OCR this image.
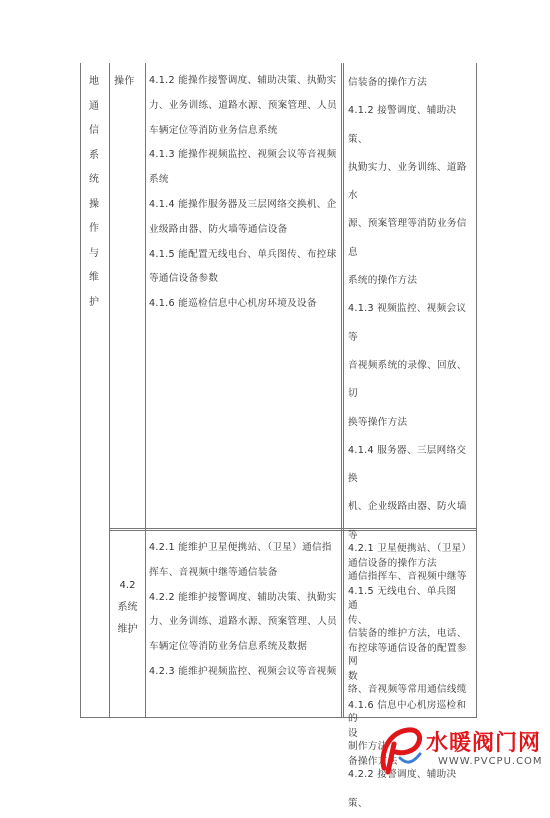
地
通
信
系
统
操
作
与
维
护
操作 4.1.2 能操作接警调度、辅助决策、执勤实
力、业务训练、道路水源、预案管理、人员
车辆定位等消防业务信息系统
4.1.3 能操作视频监控、视频会议等音视频
系统
4.1.4 能操作服务器及三层网络交换机、企
业级路由器、防火墙等通信设备
4.1.5 能配置无线电台、单兵图传、布控球
等通信设备参数
4.1.6 能巡检信息中心机房环境及设备
信装备的操作方法
4.1.2 接警调度、辅助决策、
执勤实力、业务训练、道路水
源、预案管理等消防业务信息
系统的操作方法
4.1.3 视频监控、视频会议等
音视频系统的录像、回放、切
换等操作方法
4.1.4 服务器、三层网络交换
机、企业级路由器、防火墙等
通信设备的操作方法
4.1.5 无线电台、单兵图传、
布控球等通信设备的配置参
数
4.1.6 信息中心机房巡检和设
备操作方法
4.2
系统
维护
4.2.1 能维护卫星便携站、（卫星）通信指
挥车、音视频中继等通信装备
4.2.2 能维护接警调度、辅助决策、执勤实
力、业务训练、道路水源、预案管理、人员
车辆定位等消防业务信息系统及数据
4.2.3 能维护视频监控、视频会议等音视频
4.2.1 卫星便携站、（卫星）
通信指挥车、音视频中继等通
信装备的维护方法，电话、网
络、音视频等常用通信线缆的
制作方法
4.2.2 接警调度、辅助决策、
水暖阀门网
WWW.PVCPU.COM
